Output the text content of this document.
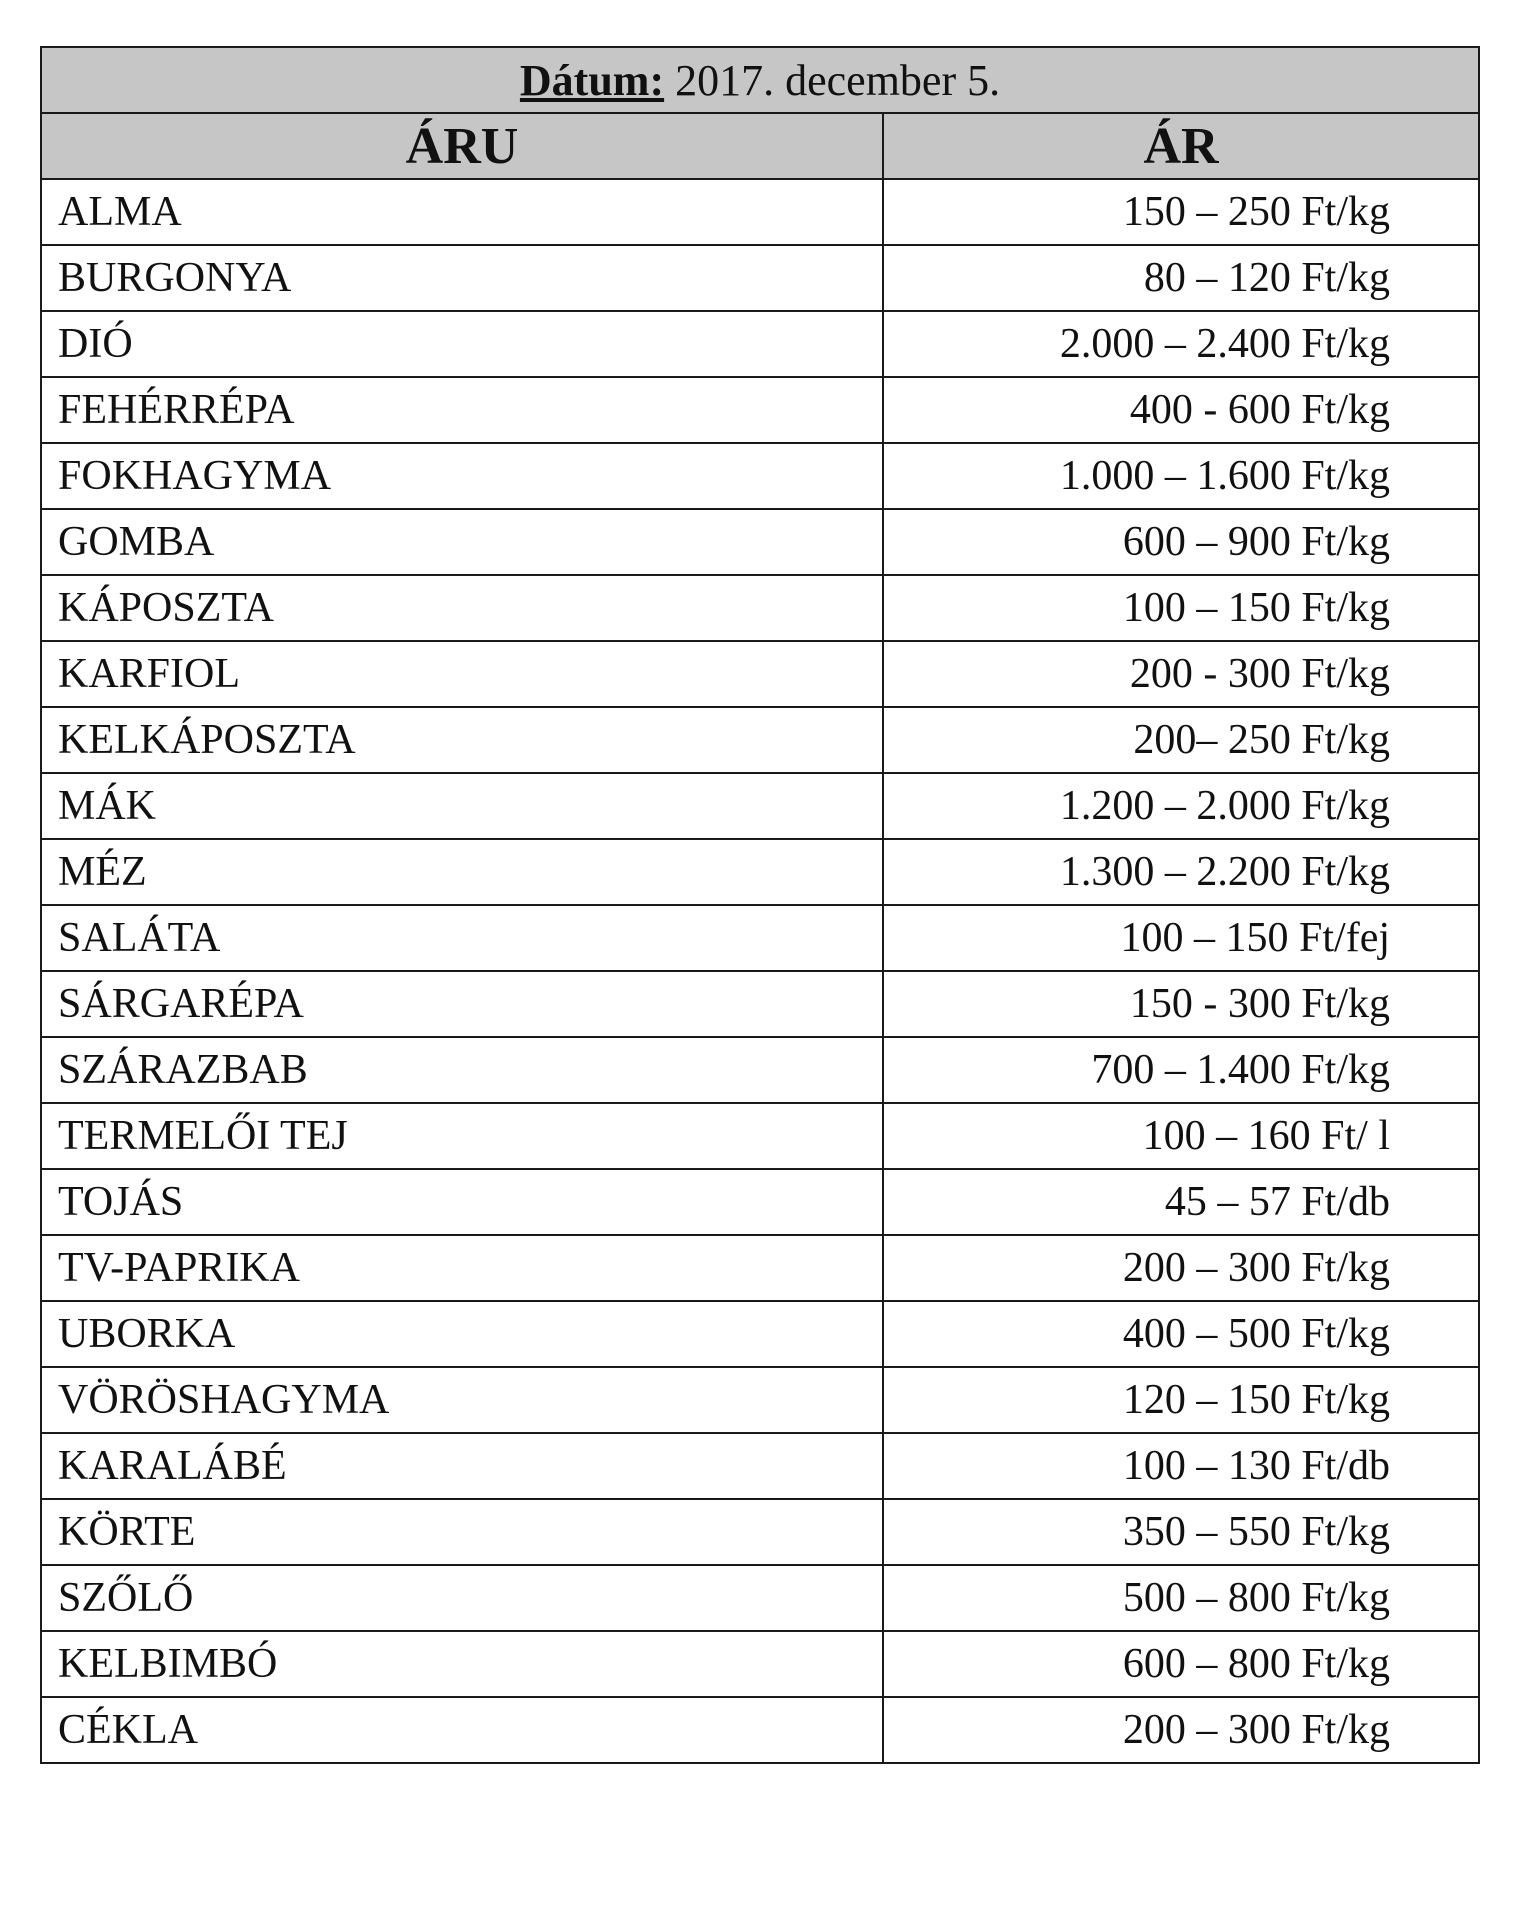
Dátum: 2017. december 5.	
ÁRU	ÁR
ALMA	150 – 250 Ft/kg
BURGONYA	80 – 120 Ft/kg
DIÓ	2.000 – 2.400 Ft/kg
FEHÉRRÉPA	400 - 600 Ft/kg
FOKHAGYMA	1.000 – 1.600 Ft/kg
GOMBA	600 – 900 Ft/kg
KÁPOSZTA	100 – 150 Ft/kg
KARFIOL	200 - 300 Ft/kg
KELKÁPOSZTA	200– 250 Ft/kg
MÁK	1.200 – 2.000 Ft/kg
MÉZ	1.300 – 2.200 Ft/kg
SALÁTA	100 – 150 Ft/fej
SÁRGARÉPA	150 - 300 Ft/kg
SZÁRAZBAB	700 – 1.400 Ft/kg
TERMELŐI TEJ	100 – 160 Ft/ l
TOJÁS	45 – 57 Ft/db
TV-PAPRIKA	200 – 300 Ft/kg
UBORKA	400 – 500 Ft/kg
VÖRÖSHAGYMA	120 – 150 Ft/kg
KARALÁBÉ	100 – 130 Ft/db
KÖRTE	350 – 550 Ft/kg
SZŐLŐ	500 – 800 Ft/kg
KELBIMBÓ	600 – 800 Ft/kg
CÉKLA	200 – 300 Ft/kg
